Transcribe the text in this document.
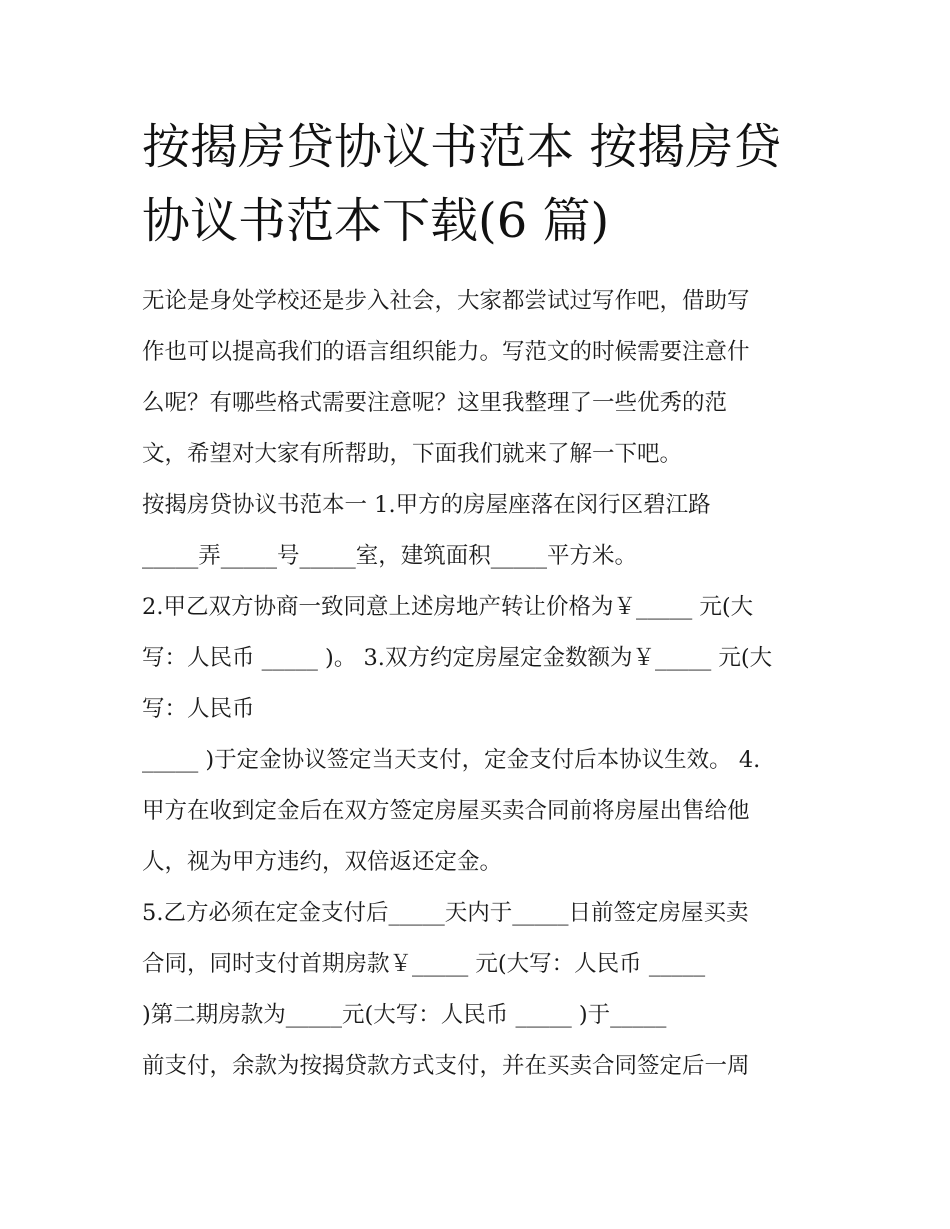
按揭房贷协议书范本 按揭房贷
协议书范本下载(6 篇)
无论是身处学校还是步入社会，大家都尝试过写作吧，借助写
作也可以提高我们的语言组织能力。写范文的时候需要注意什
么呢？有哪些格式需要注意呢？这里我整理了一些优秀的范
文，希望对大家有所帮助，下面我们就来了解一下吧。
按揭房贷协议书范本一 1.甲方的房屋座落在闵行区碧江路
_____弄_____号_____室，建筑面积_____平方米。
2.甲乙双方协商一致同意上述房地产转让价格为￥_____ 元(大
写：人民币 _____ )。 3.双方约定房屋定金数额为￥_____ 元(大
写：人民币
_____ )于定金协议签定当天支付，定金支付后本协议生效。 4.
甲方在收到定金后在双方签定房屋买卖合同前将房屋出售给他
人，视为甲方违约，双倍返还定金。
5.乙方必须在定金支付后_____天内于_____日前签定房屋买卖
合同，同时支付首期房款￥_____ 元(大写：人民币 _____
)第二期房款为_____元(大写：人民币 _____ )于_____
前支付，余款为按揭贷款方式支付，并在买卖合同签定后一周
